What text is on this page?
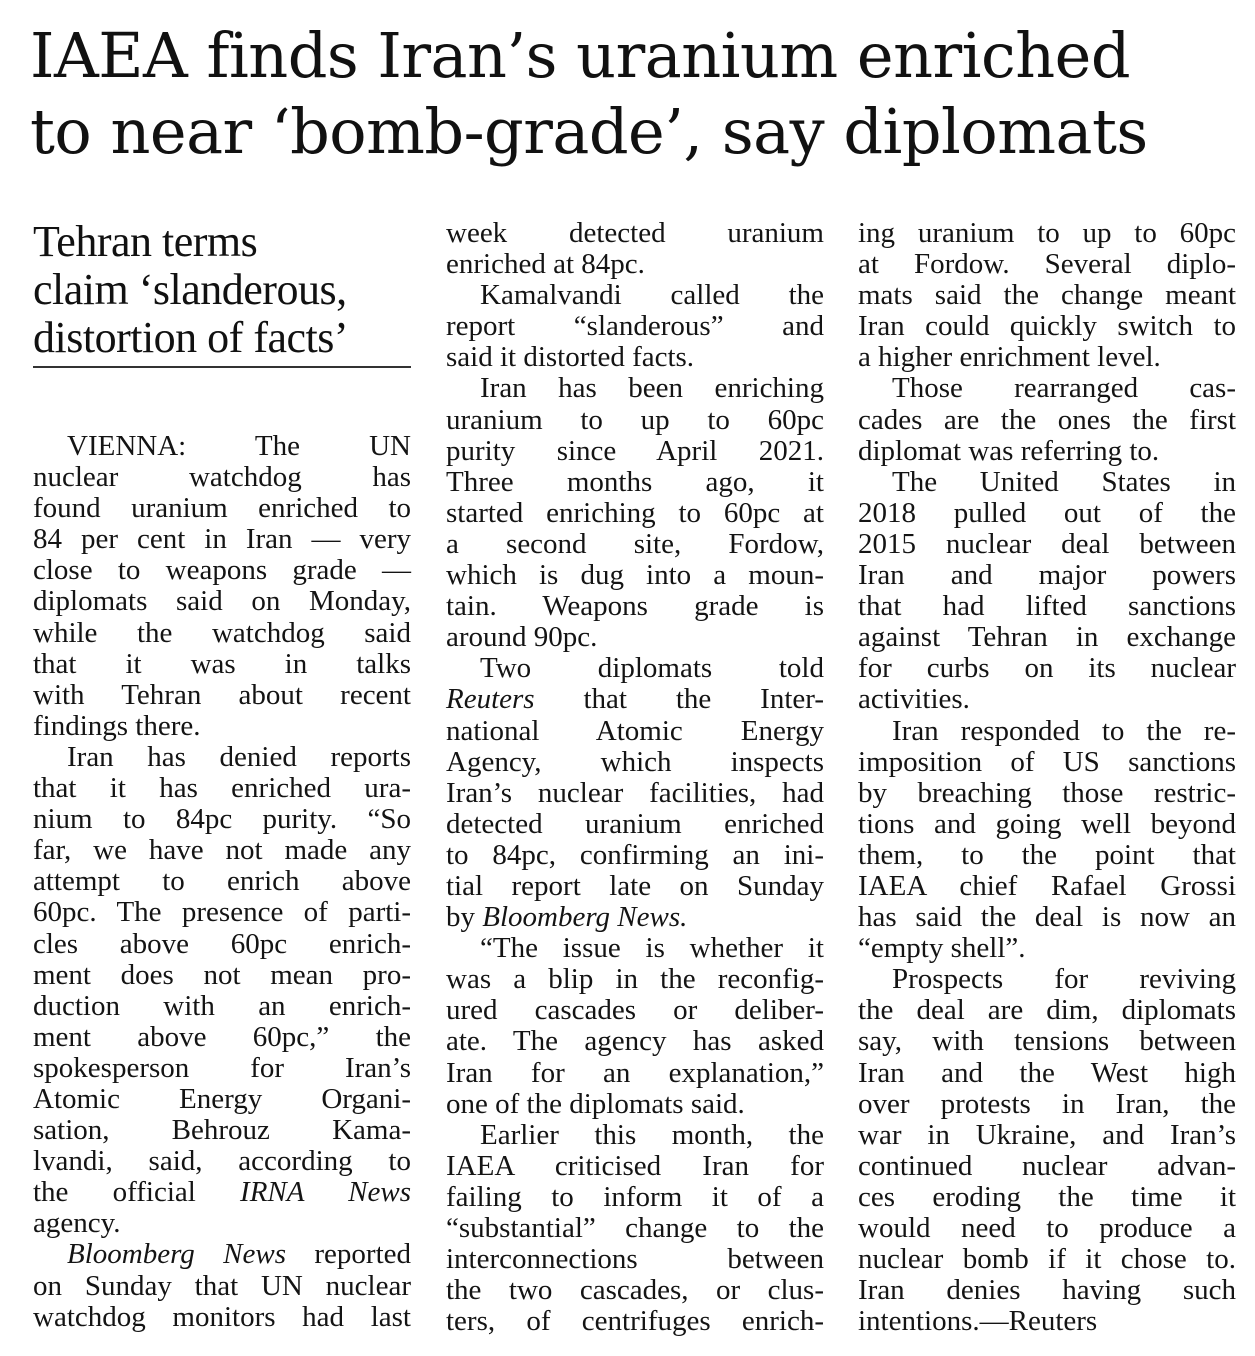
IAEA finds Iran’s uranium enriched
to near ‘bomb-grade’, say diplomats
Tehran terms
claim ‘slanderous,
distortion of facts’
VIENNA: The UN
nuclear watchdog has
found uranium enriched to
84 per cent in Iran — very
close to weapons grade —
diplomats said on Monday,
while the watchdog said
that it was in talks
with Tehran about recent
findings there.
Iran has denied reports
that it has enriched ura-
nium to 84pc purity. “So
far, we have not made any
attempt to enrich above
60pc. The presence of parti-
cles above 60pc enrich-
ment does not mean pro-
duction with an enrich-
ment above 60pc,” the
spokesperson for Iran’s
Atomic Energy Organi-
sation, Behrouz Kama-
lvandi, said, according to
the official IRNA News
agency.
Bloomberg News reported
on Sunday that UN nuclear
watchdog monitors had last
week detected uranium
enriched at 84pc.
Kamalvandi called the
report “slanderous” and
said it distorted facts.
Iran has been enriching
uranium to up to 60pc
purity since April 2021.
Three months ago, it
started enriching to 60pc at
a second site, Fordow,
which is dug into a moun-
tain. Weapons grade is
around 90pc.
Two diplomats told
Reuters that the Inter-
national Atomic Energy
Agency, which inspects
Iran’s nuclear facilities, had
detected uranium enriched
to 84pc, confirming an ini-
tial report late on Sunday
by Bloomberg News.
“The issue is whether it
was a blip in the reconfig-
ured cascades or deliber-
ate. The agency has asked
Iran for an explanation,”
one of the diplomats said.
Earlier this month, the
IAEA criticised Iran for
failing to inform it of a
“substantial” change to the
interconnections between
the two cascades, or clus-
ters, of centrifuges enrich-
ing uranium to up to 60pc
at Fordow. Several diplo-
mats said the change meant
Iran could quickly switch to
a higher enrichment level.
Those rearranged cas-
cades are the ones the first
diplomat was referring to.
The United States in
2018 pulled out of the
2015 nuclear deal between
Iran and major powers
that had lifted sanctions
against Tehran in exchange
for curbs on its nuclear
activities.
Iran responded to the re-
imposition of US sanctions
by breaching those restric-
tions and going well beyond
them, to the point that
IAEA chief Rafael Grossi
has said the deal is now an
“empty shell”.
Prospects for reviving
the deal are dim, diplomats
say, with tensions between
Iran and the West high
over protests in Iran, the
war in Ukraine, and Iran’s
continued nuclear advan-
ces eroding the time it
would need to produce a
nuclear bomb if it chose to.
Iran denies having such
intentions.—Reuters
